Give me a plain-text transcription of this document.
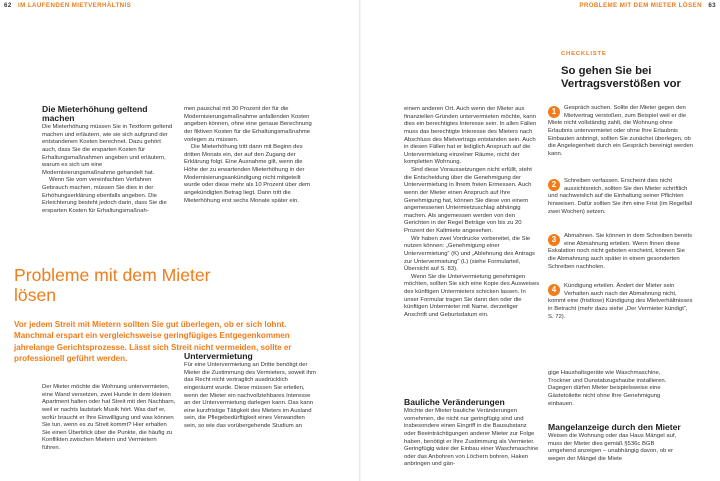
62 IM LAUFENDEN MIETVERHÄLTNIS	PROBLEME MIT DEM MIETER LÖSEN 63
Die Mieterhöhung geltend machen

Die Mieterhöhung müssen Sie in Textform geltend machen und erläutern, wie sie sich aufgrund der entstandenen Kosten berechnet. Dazu gehört auch, dass Sie die ersparten Kosten für Erhaltungsmaßnahmen angeben und erläutern, warum es sich um eine Modernisierungsmaßnahme gehandelt hat.

Wenn Sie vom vereinfachten Verfahren Gebrauch machen, müssen Sie dies in der Erhöhungserklärung ebenfalls angeben. Die Erleichterung besteht jedoch darin, dass Sie die ersparten Kosten für Erhaltungsmaßnah-

men pauschal mit 30 Prozent der für die Modernisierungsmaßnahme anfallenden Kosten angeben können, ohne eine genaue Berechnung der fiktiven Kosten für die Erhaltungsmaßnahme vorlegen zu müssen.

Die Mieterhöhung tritt dann mit Beginn des dritten Monats ein, der auf den Zugang der Erklärung folgt. Eine Ausnahme gilt, wenn die Höhe der zu erwartenden Mieterhöhung in der Modernisierungsankündigung nicht mitgeteilt wurde oder diese mehr als 10 Prozent über dem angekündigten Betrag liegt. Dann tritt die Mieterhöhung erst sechs Monate später ein.

Probleme mit dem Mieter lösen

Vor jedem Streit mit Mietern sollten Sie gut überlegen, ob er sich lohnt. Manchmal erspart ein vergleichsweise geringfügiges Entgegenkommen jahrelange Gerichtsprozesse. Lässt sich Streit nicht vermeiden, sollte er professionell geführt werden.

Der Mieter möchte die Wohnung untervermieten, eine Wand versetzen, zwei Hunde in dem kleinen Apartment halten oder hat Streit mit den Nachbarn, weil er nachts lautstark Musik hört. Was darf er, wofür braucht er Ihre Einwilligung und was können Sie tun, wenn es zu Streit kommt? Hier erhalten Sie einen Überblick über die Punkte, die häufig zu Konflikten zwischen Mietern und Vermietern führen.

Untervermietung

Für eine Untervermietung an Dritte benötigt der Mieter die Zustimmung des Vermieters, soweit ihm das Recht nicht vertraglich ausdrücklich eingeräumt wurde. Diese müssen Sie erteilen, wenn der Mieter ein nachvollziehbares Interesse an der Untervermietung darlegen kann. Das kann eine kurzfristige Tätigkeit des Mieters im Ausland sein, die Pflegebedürftigkeit eines Verwandten sein, so wie das vorübergehende Studium an

einem anderen Ort. Auch wenn der Mieter aus finanziellen Gründen untervermieten möchte, kann dies ein berechtigtes Interesse sein. In allen Fällen muss das berechtigte Interesse des Mieters nach Abschluss des Mietvertrags entstanden sein. Auch in diesen Fällen hat er lediglich Anspruch auf die Untervermietung einzelner Räume, nicht der kompletten Wohnung.

Sind diese Voraussetzungen nicht erfüllt, steht die Entscheidung über die Genehmigung der Untervermietung in Ihrem freien Ermessen. Auch wenn der Mieter einen Anspruch auf Ihre Genehmigung hat, können Sie diese von einem angemessenen Untermietzuschlag abhängig machen. Als angemessen werden von den Gerichten in der Regel Beträge von bis zu 20 Prozent der Kaltmiete angesehen.

Wir haben zwei Vordrucke vorbereitet, die Sie nutzen können: „Genehmigung einer Untervermietung“ (K) und „Ablehnung des Antrags zur Untervermietung“ (L) (siehe Formularteil, Übersicht auf S. 83).

Wenn Sie die Untervermietung genehmigen möchten, sollten Sie sich eine Kopie des Ausweises des künftigen Untermieters schicken lassen. In unser Formular tragen Sie dann den oder die künftigen Untermieter mit Name, derzeitiger Anschrift und Geburtsdatum ein.

Bauliche Veränderungen

Möchte der Mieter bauliche Veränderungen vornehmen, die nicht nur geringfügig sind und insbesondere einen Eingriff in die Bausubstanz oder Beeinträchtigungen anderer Mieter zur Folge haben, benötigt er Ihre Zustimmung als Vermieter. Geringfügig wäre der Einbau einer Waschmaschine oder das Anbohren von Löchern bohren, Haken anbringen und gän-

CHECKLISTE
So gehen Sie bei Vertragsverstößen vor
1	Gespräch suchen. Sollte der Mieter gegen den Mietvertrag verstoßen, zum Beispiel weil er die Miete nicht vollständig zahlt, die Wohnung ohne Erlaubnis untervermietet oder ohne Ihre Erlaubnis Einbauten anbringt, sollten Sie zunächst überlegen, ob die Angelegenheit durch ein Gespräch bereinigt werden kann.
2	Schreiben verfassen. Erscheint dies nicht aussichtsreich, sollten Sie den Mieter schriftlich und nachweislich auf die Einhaltung seiner Pflichten hinweisen. Dafür sollten Sie ihm eine Frist (im Regelfall zwei Wochen) setzen.
3	Abmahnen. Sie können in dem Schreiben bereits eine Abmahnung erteilen. Wenn Ihnen diese Eskalation noch nicht geboten erscheint, können Sie die Abmahnung auch später in einem gesonderten Schreiben nachholen.
4	Kündigung erteilen. Ändert der Mieter sein Verhalten auch nach der Abmahnung nicht, kommt eine (fristlose) Kündigung des Mietverhältnisses in Betracht (mehr dazu siehe „Der Vermieter kündigt“, S. 72).

gige Haushaltsgeräte wie Waschmaschine, Trockner und Dunstabzugshaube installieren. Dagegen dürfen Mieter beispielsweise eine Gästetoilette nicht ohne Ihre Genehmigung einbauen.

Mangelanzeige durch den Mieter

Weisen die Wohnung oder das Haus Mängel auf, muss der Mieter dies gemäß §536c BGB umgehend anzeigen – unabhängig davon, ob er wegen der Mängel die Miete
